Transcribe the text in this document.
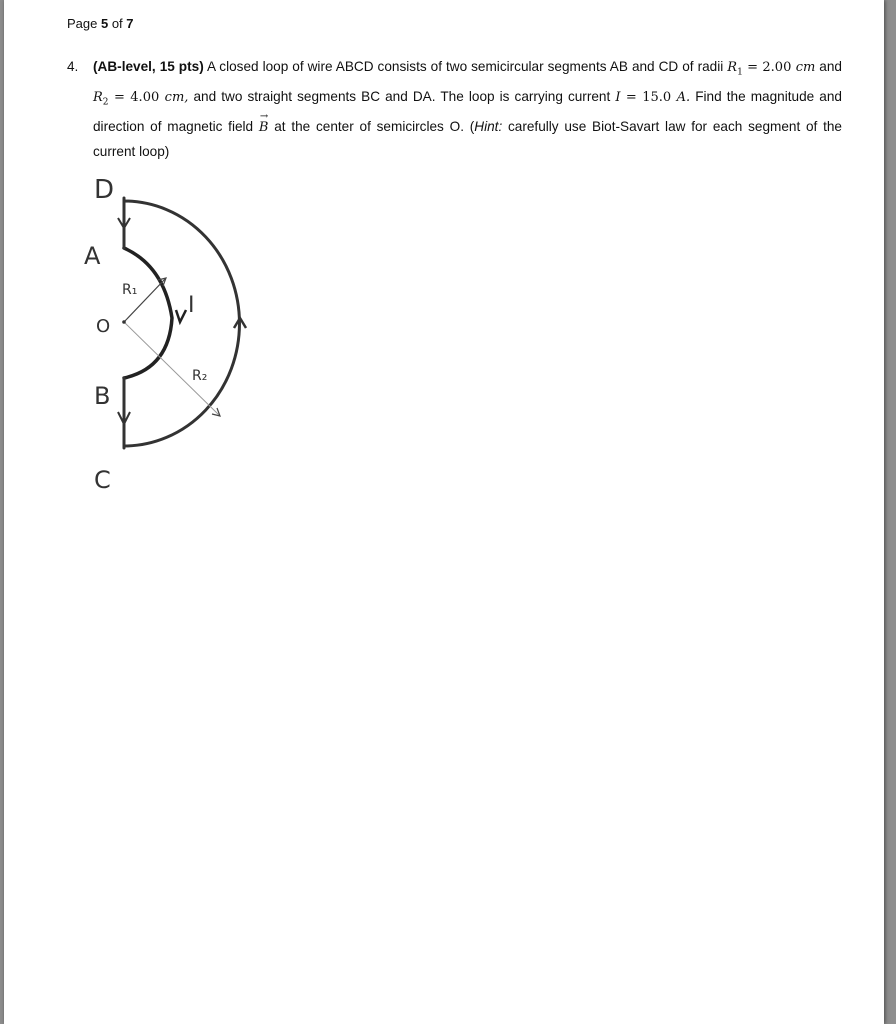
Page 5 of 7
4. (AB-level, 15 pts) A closed loop of wire ABCD consists of two semicircular segments AB and CD of radii $R_1 = 2.00$ cm and $R_2 = 4.00$ cm, and two straight segments BC and DA. The loop is carrying current I = 15.0 A. Find the magnitude and direction of magnetic field → B at the center of semicircles O. (Hint: carefully use Biot-Savart law for each segment of the current loop)
D
A
O
B
C
R₁
R₂
I
